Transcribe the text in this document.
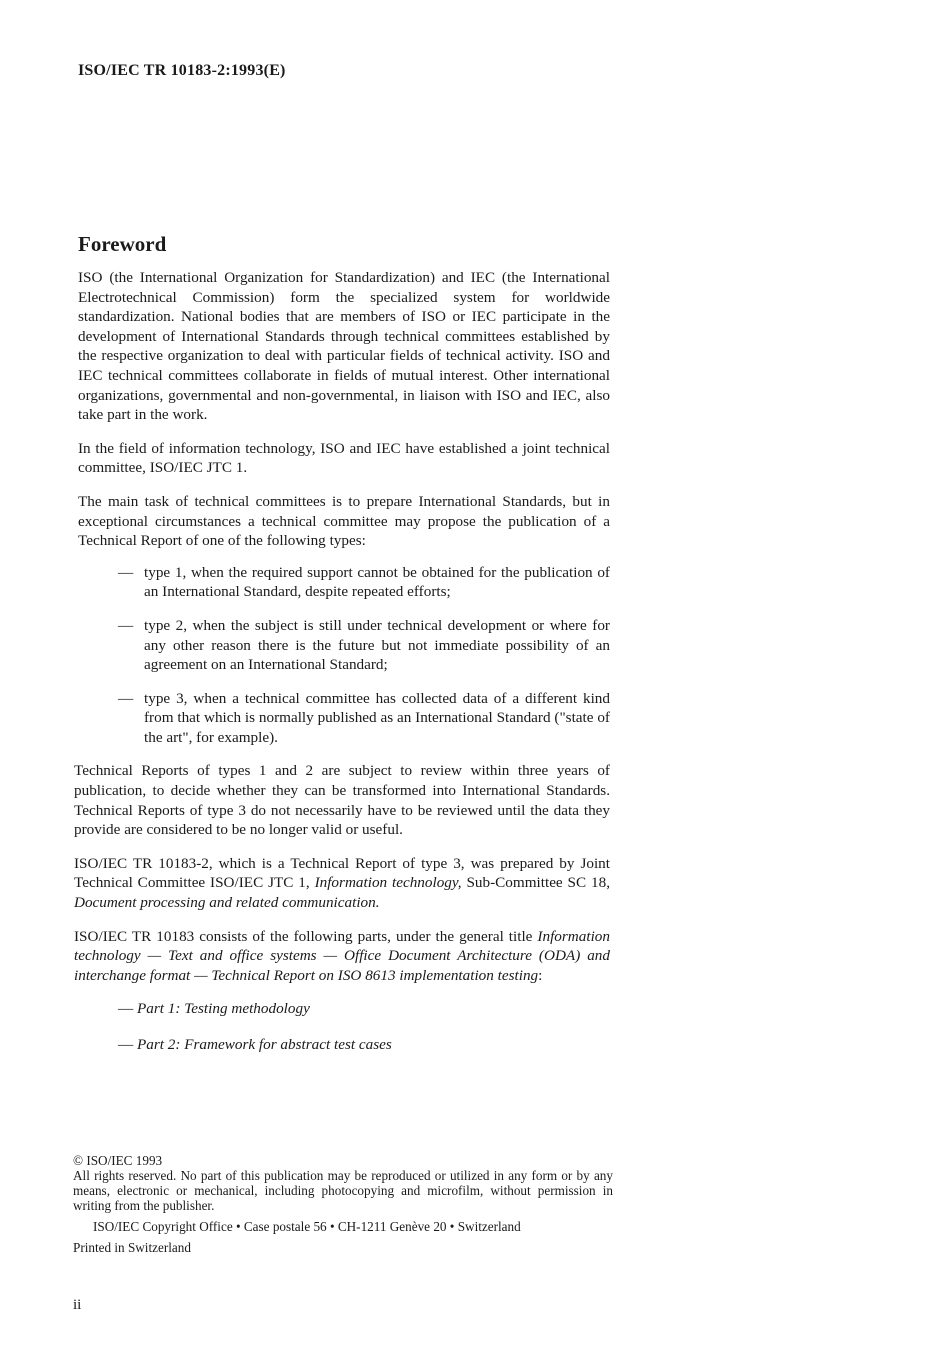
ISO/IEC TR 10183-2:1993(E)
Foreword

ISO (the International Organization for Standardization) and IEC (the International Electrotechnical Commission) form the specialized system for worldwide standardization. National bodies that are members of ISO or IEC participate in the development of International Standards through technical committees established by the respective organization to deal with particular fields of technical activity. ISO and IEC technical committees collaborate in fields of mutual interest. Other international organizations, governmental and non-governmental, in liaison with ISO and IEC, also take part in the work.

In the field of information technology, ISO and IEC have established a joint technical committee, ISO/IEC JTC 1.

The main task of technical committees is to prepare International Standards, but in exceptional circumstances a technical committee may propose the publication of a Technical Report of one of the following types:

— type 1, when the required support cannot be obtained for the publication of an International Standard, despite repeated efforts;
— type 2, when the subject is still under technical development or where for any other reason there is the future but not immediate possibility of an agreement on an International Standard;
— type 3, when a technical committee has collected data of a different kind from that which is normally published as an International Standard ("state of the art", for example).

Technical Reports of types 1 and 2 are subject to review within three years of publication, to decide whether they can be transformed into International Standards. Technical Reports of type 3 do not necessarily have to be reviewed until the data they provide are considered to be no longer valid or useful.

ISO/IEC TR 10183-2, which is a Technical Report of type 3, was prepared by Joint Technical Committee ISO/IEC JTC 1, Information technology, Sub-Committee SC 18, Document processing and related communication.

ISO/IEC TR 10183 consists of the following parts, under the general title Information technology — Text and office systems — Office Document Architecture (ODA) and interchange format — Technical Report on ISO 8613 implementation testing:

— Part 1: Testing methodology
— Part 2: Framework for abstract test cases
© ISO/IEC 1993
All rights reserved. No part of this publication may be reproduced or utilized in any form or by any means, electronic or mechanical, including photocopying and microfilm, without permission in writing from the publisher.
ISO/IEC Copyright Office • Case postale 56 • CH-1211 Genève 20 • Switzerland
Printed in Switzerland
ii
